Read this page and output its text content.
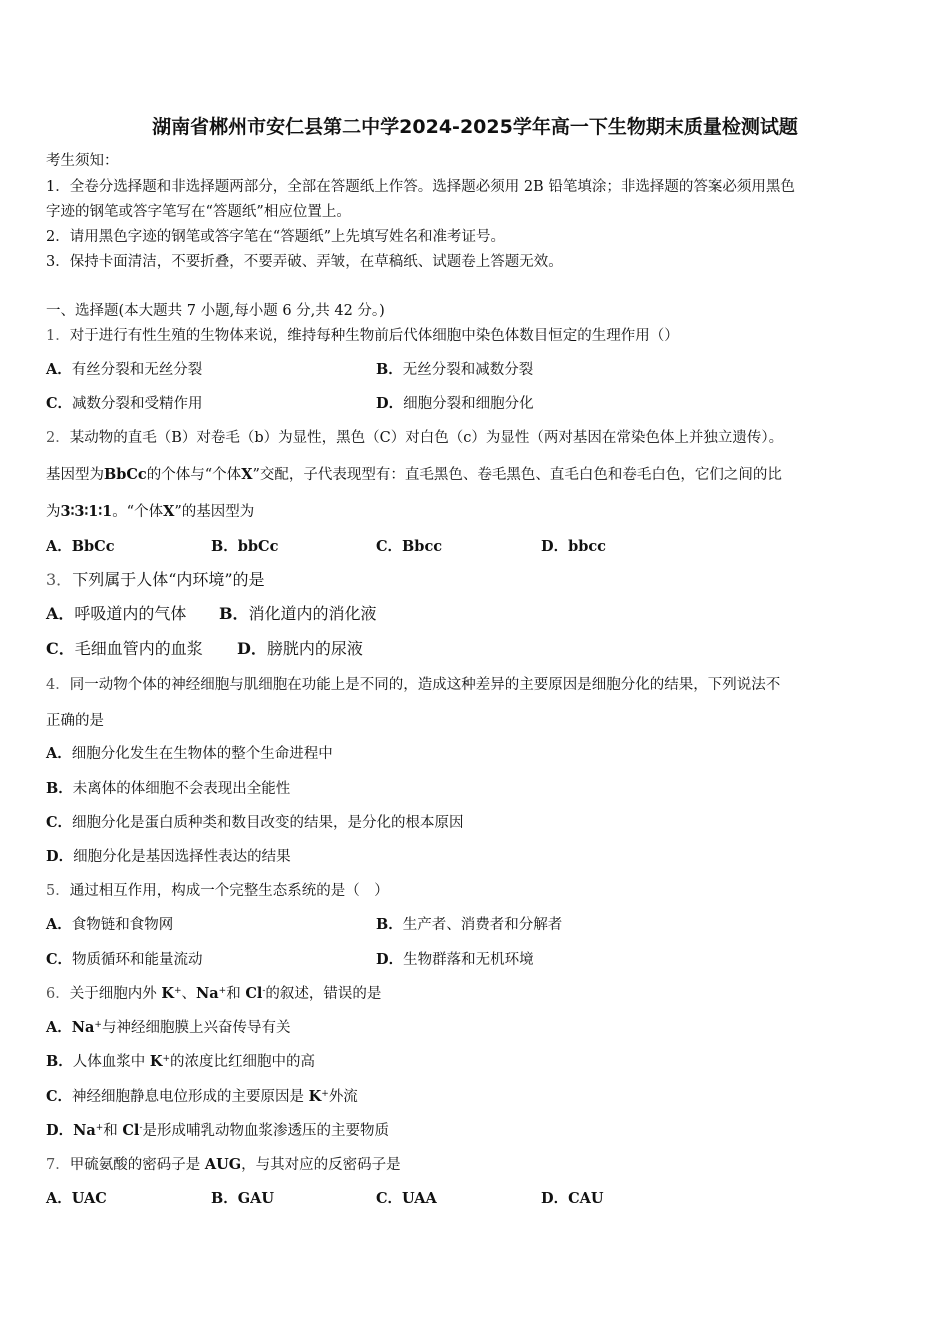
湖南省郴州市安仁县第二中学2024-2025学年高一下生物期末质量检测试题
考生须知：
1．全卷分选择题和非选择题两部分，全部在答题纸上作答。选择题必须用 2B 铅笔填涂；非选择题的答案必须用黑色
字迹的钢笔或答字笔写在“答题纸”相应位置上。
2．请用黑色字迹的钢笔或答字笔在“答题纸”上先填写姓名和准考证号。
3．保持卡面清洁，不要折叠，不要弄破、弄皱，在草稿纸、试题卷上答题无效。
一、选择题(本大题共 7 小题,每小题 6 分,共 42 分。)
1．对于进行有性生殖的生物体来说，维持每种生物前后代体细胞中染色体数目恒定的生理作用（）
A．有丝分裂和无丝分裂	B．无丝分裂和减数分裂
C．减数分裂和受精作用	D．细胞分裂和细胞分化
2．某动物的直毛（B）对卷毛（b）为显性，黑色（C）对白色（c）为显性（两对基因在常染色体上并独立遗传）。
基因型为BbCc的个体与“个体X”交配，子代表现型有：直毛黑色、卷毛黑色、直毛白色和卷毛白色，它们之间的比
为3∶3∶1∶1。“个体X”的基因型为
A．BbCc	B．bbCc	C．Bbcc	D．bbcc
3．下列属于人体“内环境”的是
A．呼吸道内的气体 B．消化道内的消化液
C．毛细血管内的血浆 D．膀胱内的尿液
4．同一动物个体的神经细胞与肌细胞在功能上是不同的，造成这种差异的主要原因是细胞分化的结果，下列说法不
正确的是
A．细胞分化发生在生物体的整个生命进程中
B．未离体的体细胞不会表现出全能性
C．细胞分化是蛋白质种类和数目改变的结果，是分化的根本原因
D．细胞分化是基因选择性表达的结果
5．通过相互作用，构成一个完整生态系统的是（　）
A．食物链和食物网	B．生产者、消费者和分解者
C．物质循环和能量流动	D．生物群落和无机环境
6．关于细胞内外 K+、Na+和 Cl-的叙述，错误的是
A．Na+与神经细胞膜上兴奋传导有关
B．人体血浆中 K+的浓度比红细胞中的高
C．神经细胞静息电位形成的主要原因是 K+外流
D．Na+和 Cl-是形成哺乳动物血浆渗透压的主要物质
7．甲硫氨酸的密码子是 AUG，与其对应的反密码子是
A．UAC	B．GAU	C．UAA	D．CAU
